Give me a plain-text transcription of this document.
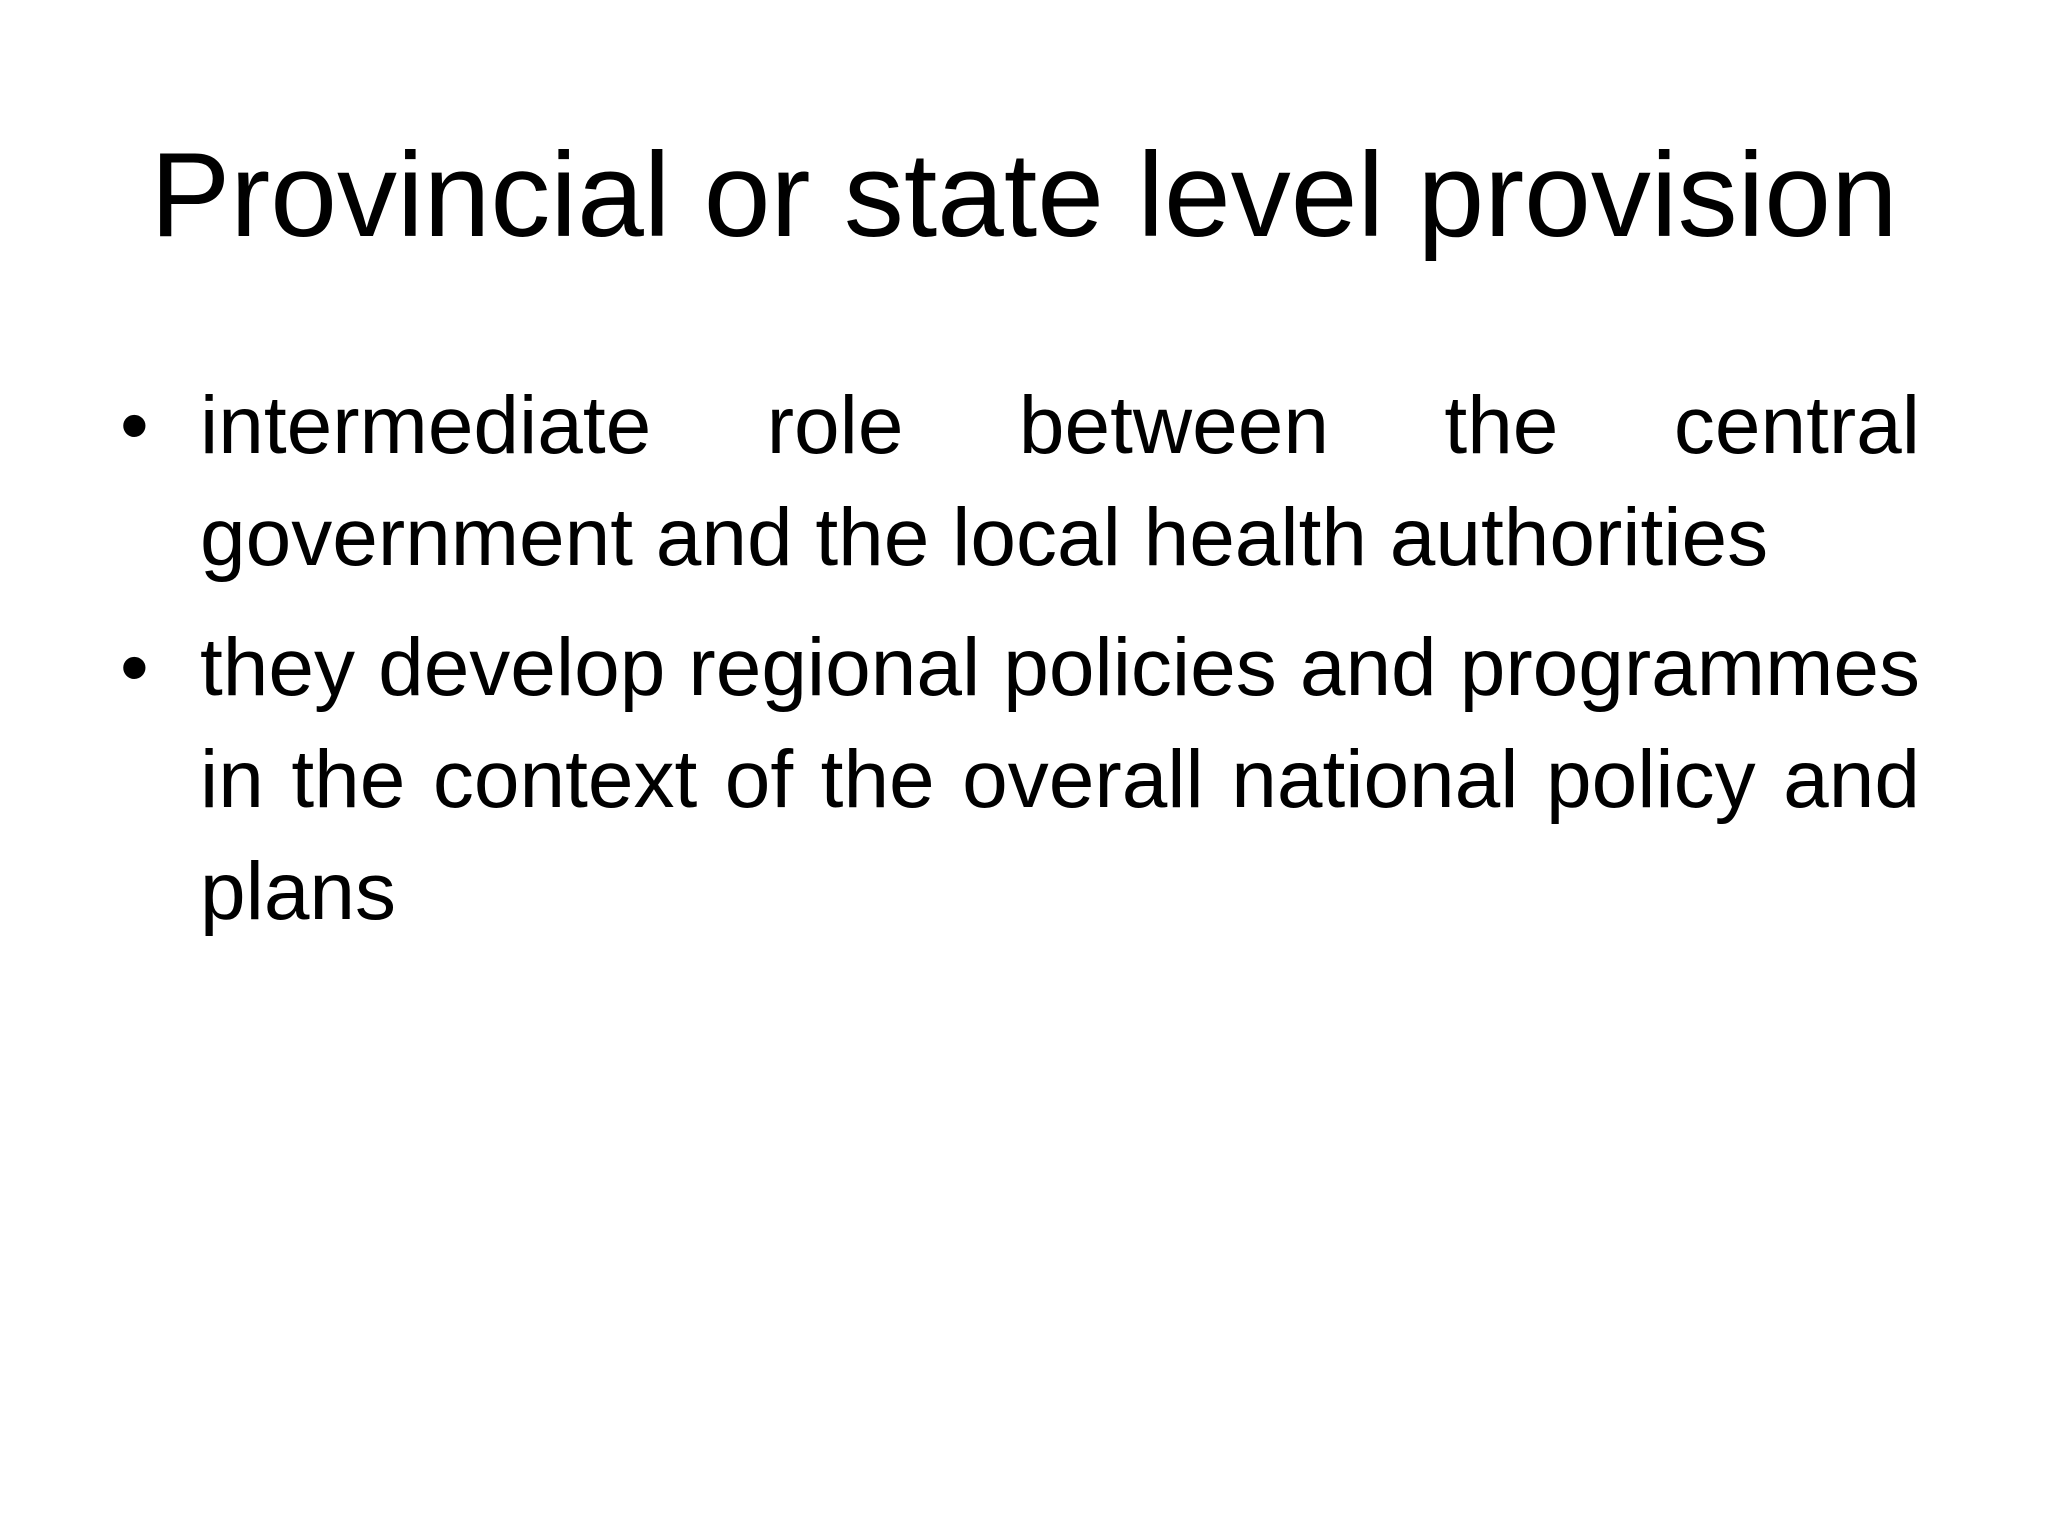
Provincial or state level provision
• intermediate role between the central government and the local health authorities
• they develop regional policies and programmes in the context of the overall national policy and plans
